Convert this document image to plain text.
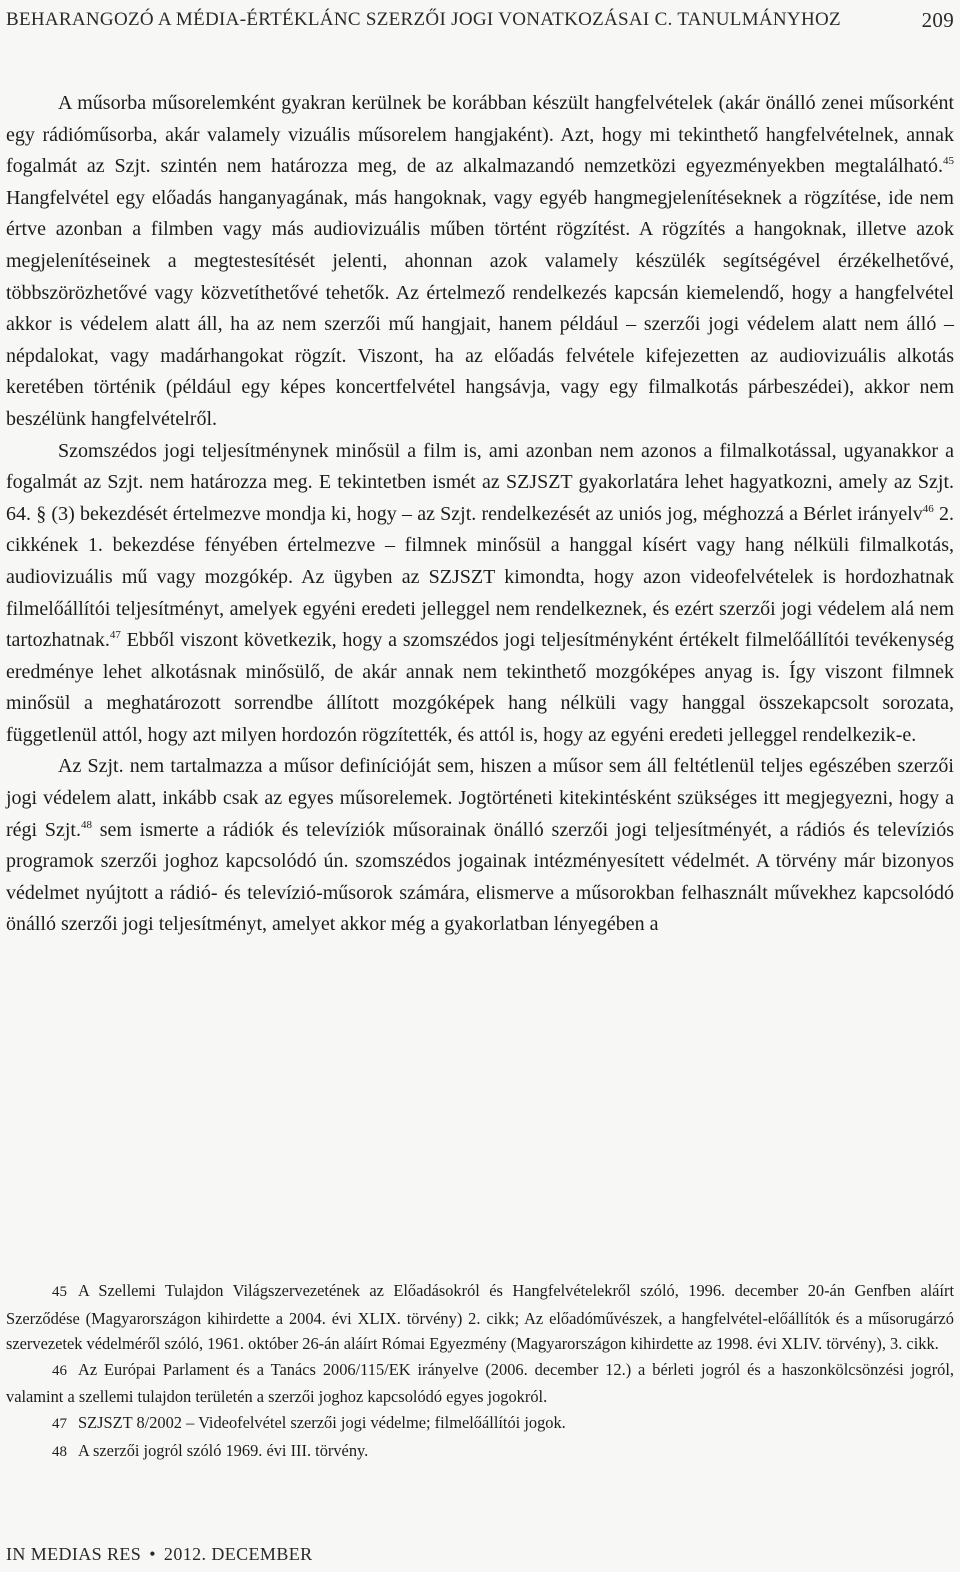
BEHARANGOZÓ A MÉDIA-ÉRTÉKLÁNC SZERZŐI JOGI VONATKOZÁSAI C. TANULMÁNYHOZ	209

A műsorba műsorelemként gyakran kerülnek be korábban készült hangfelvételek (akár önálló zenei műsorként egy rádióműsorba, akár valamely vizuális műsorelem hangjaként). Azt, hogy mi tekinthető hangfelvételnek, annak fogalmát az Szjt. szintén nem határozza meg, de az alkalmazandó nemzetközi egyezményekben megtalálható.$^{45}$ Hangfelvétel egy előadás hanganyagának, más hangoknak, vagy egyéb hangmegjelenítéseknek a rögzítése, ide nem értve azonban a filmben vagy más audiovizuális műben történt rögzítést. A rögzítés a hangoknak, illetve azok megjelenítéseinek a megtestesítését jelenti, ahonnan azok valamely készülék segítségével érzékelhetővé, többszörözhetővé vagy közvetíthetővé tehetők. Az értelmező rendelkezés kapcsán kiemelendő, hogy a hangfelvétel akkor is védelem alatt áll, ha az nem szerzői mű hangjait, hanem például – szerzői jogi védelem alatt nem álló – népdalokat, vagy madárhangokat rögzít. Viszont, ha az előadás felvétele kifejezetten az audiovizuális alkotás keretében történik (például egy képes koncertfelvétel hangsávja, vagy egy filmalkotás párbeszédei), akkor nem beszélünk hangfelvételről.

Szomszédos jogi teljesítménynek minősül a film is, ami azonban nem azonos a filmalkotással, ugyanakkor a fogalmát az Szjt. nem határozza meg. E tekintetben ismét az SZJSZT gyakorlatára lehet hagyatkozni, amely az Szjt. 64. § (3) bekezdését értelmezve mondja ki, hogy – az Szjt. rendelkezését az uniós jog, méghozzá a Bérlet irányelv$^{46}$ 2. cikkének 1. bekezdése fényében értelmezve – filmnek minősül a hanggal kísért vagy hang nélküli filmalkotás, audiovizuális mű vagy mozgókép. Az ügyben az SZJSZT kimondta, hogy azon videofelvételek is hordozhatnak filmelőállítói teljesítményt, amelyek egyéni eredeti jelleggel nem rendelkeznek, és ezért szerzői jogi védelem alá nem tartozhatnak.$^{47}$ Ebből viszont következik, hogy a szomszédos jogi teljesítményként értékelt filmelőállítói tevékenység eredménye lehet alkotásnak minősülő, de akár annak nem tekinthető mozgóképes anyag is. Így viszont filmnek minősül a meghatározott sorrendbe állított mozgóképek hang nélküli vagy hanggal összekapcsolt sorozata, függetlenül attól, hogy azt milyen hordozón rögzítették, és attól is, hogy az egyéni eredeti jelleggel rendelkezik-e.

Az Szjt. nem tartalmazza a műsor definícióját sem, hiszen a műsor sem áll feltétlenül teljes egészében szerzői jogi védelem alatt, inkább csak az egyes műsorelemek. Jogtörténeti kitekintésként szükséges itt megjegyezni, hogy a régi Szjt.$^{48}$ sem ismerte a rádiók és televíziók műsorainak önálló szerzői jogi teljesítményét, a rádiós és televíziós programok szerzői joghoz kapcsolódó ún. szomszédos jogainak intézményesített védelmét. A törvény már bizonyos védelmet nyújtott a rádió- és televízió-műsorok számára, elismerve a műsorokban felhasznált művekhez kapcsolódó önálló szerzői jogi teljesítményt, amelyet akkor még a gyakorlatban lényegében a

45 A Szellemi Tulajdon Világszervezetének az Előadásokról és Hangfelvételekről szóló, 1996. december 20-án Genfben aláírt Szerződése (Magyarországon kihirdette a 2004. évi XLIX. törvény) 2. cikk; Az előadóművészek, a hangfelvétel-előállítók és a műsorugárzó szervezetek védelméről szóló, 1961. október 26-án aláírt Római Egyezmény (Magyarországon kihirdette az 1998. évi XLIV. törvény), 3. cikk.

46 Az Európai Parlament és a Tanács 2006/115/EK irányelve (2006. december 12.) a bérleti jogról és a haszonkölcsönzési jogról, valamint a szellemi tulajdon területén a szerzői joghoz kapcsolódó egyes jogokról.

47 SZJSZT 8/2002 – Videofelvétel szerzői jogi védelme; filmelőállítói jogok.

48 A szerzői jogról szóló 1969. évi III. törvény.

IN MEDIAS RES • 2012. DECEMBER
